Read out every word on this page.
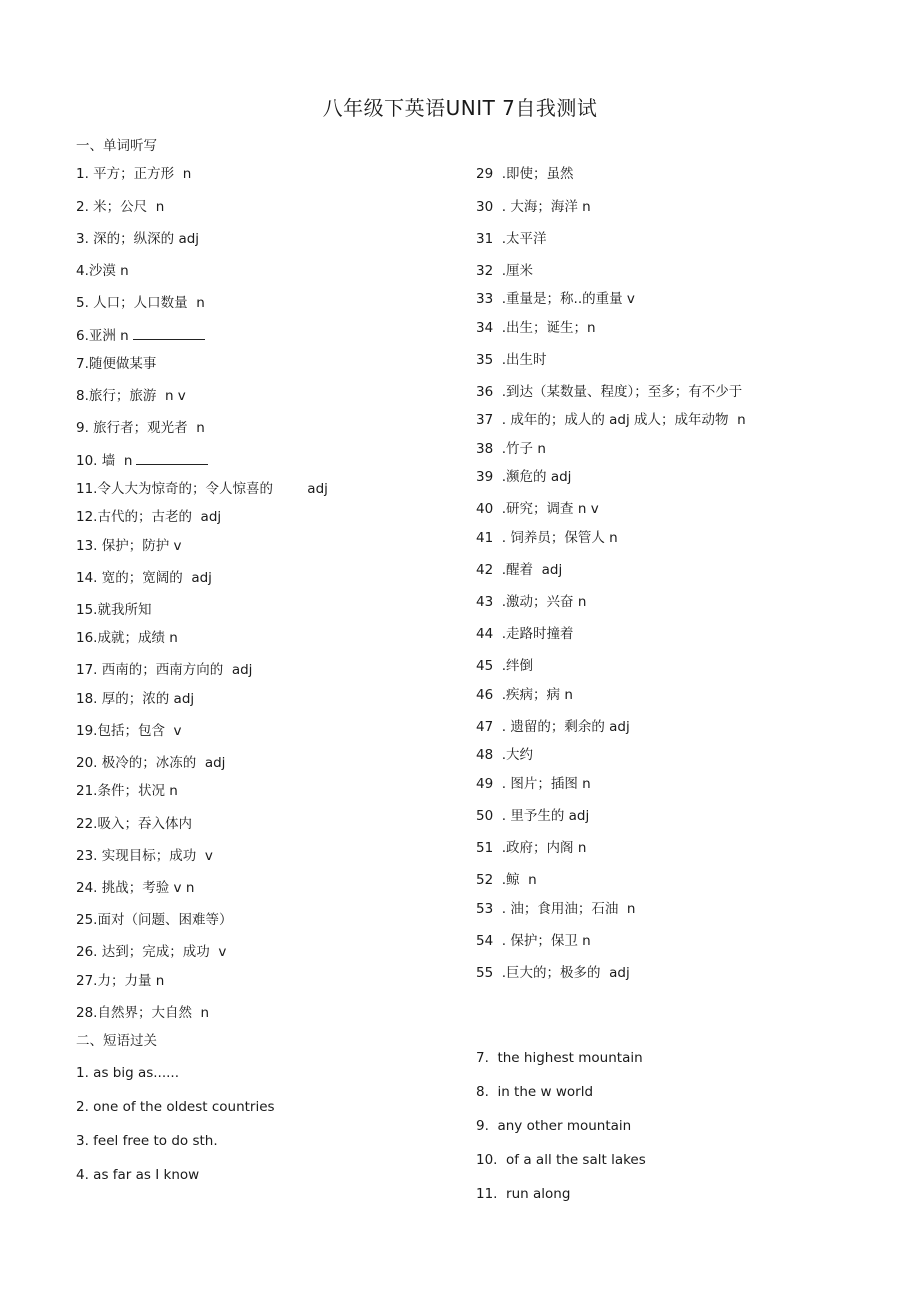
八年级下英语UNIT 7自我测试
一、单词听写
二、短语过关
1. 平方；正方形  n
2. 米；公尺  n
3. 深的；纵深的 adj
4.沙漠 n
5. 人口；人口数量  n
6.亚洲 n
7.随便做某事
8.旅行；旅游  n v
9. 旅行者；观光者  n
10. 墙  n
11.令人大为惊奇的；令人惊喜的        adj
12.古代的；古老的  adj
13. 保护；防护 v
14. 宽的；宽阔的  adj
15.就我所知
16.成就；成绩 n
17. 西南的；西南方向的  adj
18. 厚的；浓的 adj
19.包括；包含  v
20. 极冷的；冰冻的  adj
21.条件；状况 n
22.吸入；吞入体内
23. 实现目标；成功  v
24. 挑战；考验 v n
25.面对（问题、困难等）
26. 达到；完成；成功  v
27.力；力量 n
28.自然界；大自然  n
29  .即使；虽然
30  . 大海；海洋 n
31  .太平洋
32  .厘米
33  .重量是；称..的重量 v
34  .出生；诞生；n
35  .出生时
36  .到达（某数量、程度）；至多；有不少于
37  . 成年的；成人的 adj 成人；成年动物  n
38  .竹子 n
39  .濒危的 adj
40  .研究；调查 n v
41  . 饲养员；保管人 n
42  .醒着  adj
43  .激动；兴奋 n
44  .走路时撞着
45  .绊倒
46  .疾病；病 n
47  . 遗留的；剩余的 adj
48  .大约
49  . 图片；插图 n
50  . 里予生的 adj
51  .政府；内阁 n
52  .鲸  n
53  . 油；食用油；石油  n
54  . 保护；保卫 n
55  .巨大的；极多的  adj
1. as big as......
2. one of the oldest countries
3. feel free to do sth.
4. as far as I know
7.  the highest mountain
8.  in the w world
9.  any other mountain
10.  of a all the salt lakes
11.  run along
